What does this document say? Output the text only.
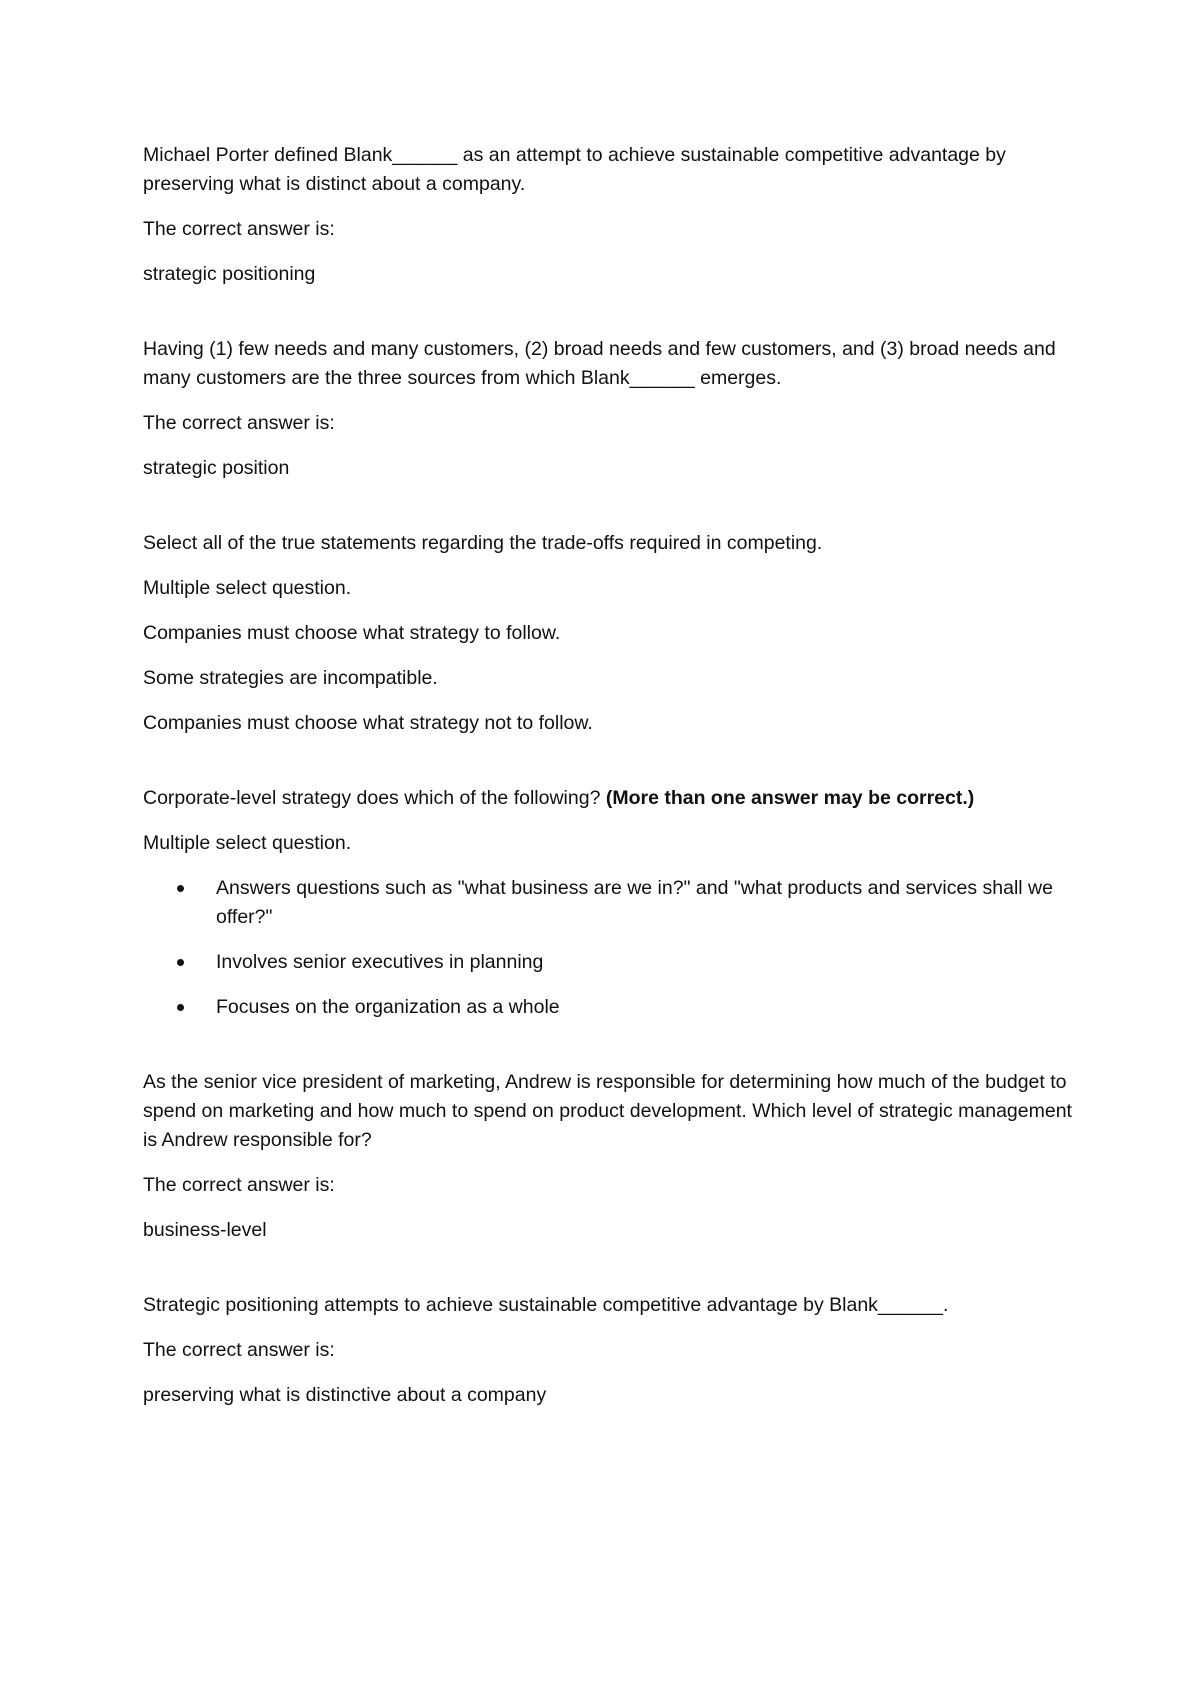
Michael Porter defined Blank______ as an attempt to achieve sustainable competitive advantage by preserving what is distinct about a company.

The correct answer is:

strategic positioning

Having (1) few needs and many customers, (2) broad needs and few customers, and (3) broad needs and many customers are the three sources from which Blank______ emerges.

The correct answer is:

strategic position

Select all of the true statements regarding the trade-offs required in competing.

Multiple select question.

Companies must choose what strategy to follow.

Some strategies are incompatible.

Companies must choose what strategy not to follow.

Corporate-level strategy does which of the following? (More than one answer may be correct.)

Multiple select question.

Answers questions such as "what business are we in?" and "what products and services shall we offer?"
Involves senior executives in planning
Focuses on the organization as a whole

As the senior vice president of marketing, Andrew is responsible for determining how much of the budget to spend on marketing and how much to spend on product development. Which level of strategic management is Andrew responsible for?

The correct answer is:

business-level

Strategic positioning attempts to achieve sustainable competitive advantage by Blank______.

The correct answer is:

preserving what is distinctive about a company
